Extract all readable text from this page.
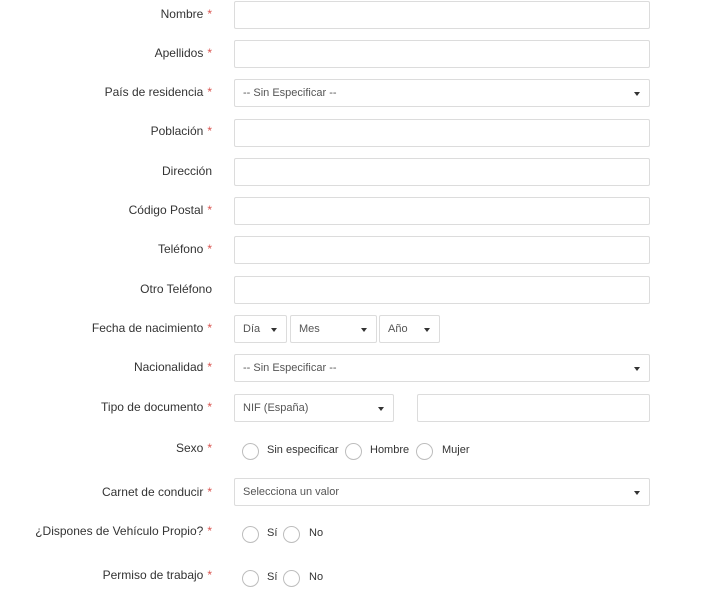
Nombre *
Apellidos *
País de residencia *	-- Sin Especificar --
Población *
Dirección
Código Postal *
Teléfono *
Otro Teléfono
Fecha de nacimiento *	Día	Mes	Año
Nacionalidad *	-- Sin Especificar --
Tipo de documento *	NIF (España)
Sexo *	Sin especificar	Hombre	Mujer
Carnet de conducir *	Selecciona un valor
¿Dispones de Vehículo Propio? *	Sí	No
Permiso de trabajo *	Sí	No
